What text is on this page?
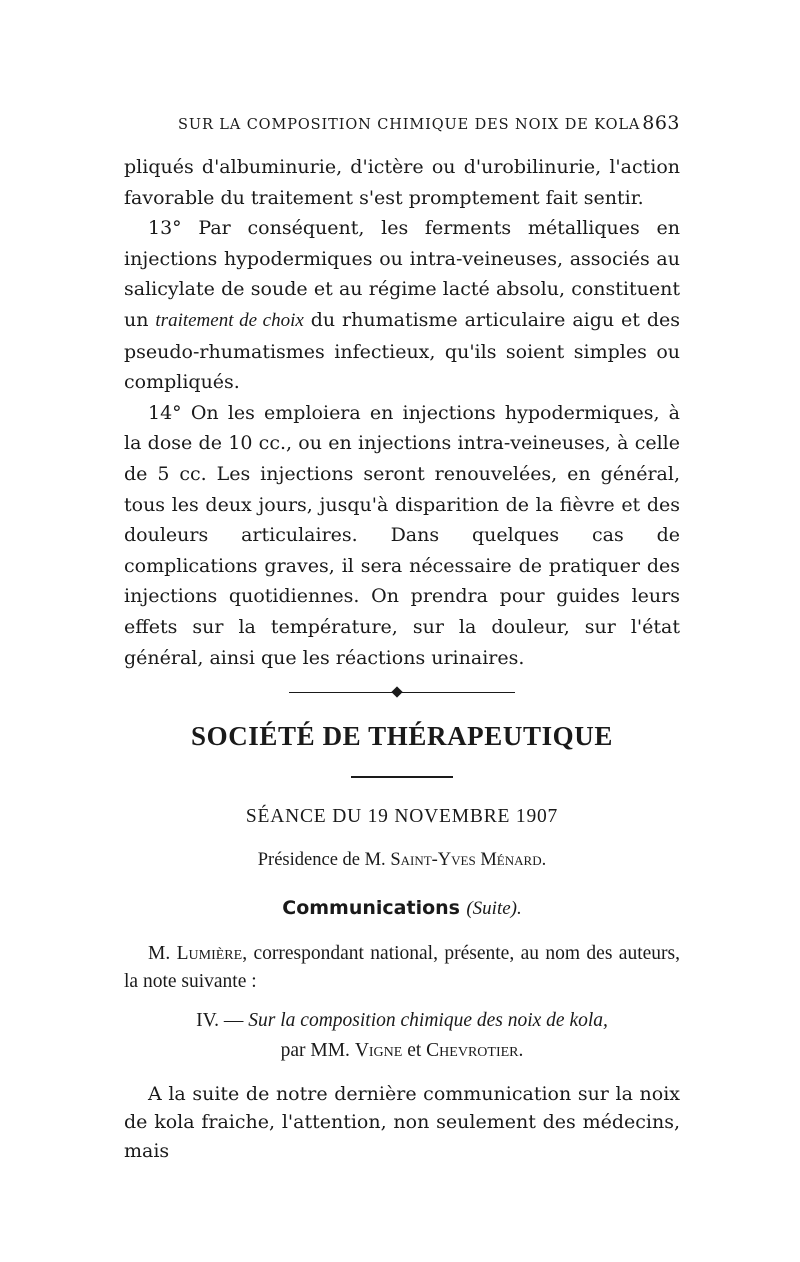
SUR LA COMPOSITION CHIMIQUE DES NOIX DE KOLA 863

pliqués d'albuminurie, d'ictère ou d'urobilinurie, l'action favorable du traitement s'est promptement fait sentir.

13° Par conséquent, les ferments métalliques en injections hypodermiques ou intra-veineuses, associés au salicylate de soude et au régime lacté absolu, constituent un traitement de choix du rhumatisme articulaire aigu et des pseudo-rhumatismes infectieux, qu'ils soient simples ou compliqués.

14° On les emploiera en injections hypodermiques, à la dose de 10 cc., ou en injections intra-veineuses, à celle de 5 cc. Les injections seront renouvelées, en général, tous les deux jours, jusqu'à disparition de la fièvre et des douleurs articulaires. Dans quelques cas de complications graves, il sera nécessaire de pratiquer des injections quotidiennes. On prendra pour guides leurs effets sur la température, sur la douleur, sur l'état général, ainsi que les réactions urinaires.

SOCIÉTÉ DE THÉRAPEUTIQUE

SÉANCE DU 19 NOVEMBRE 1907

Présidence de M. Saint-Yves Ménard.

Communications (Suite).

M. Lumière, correspondant national, présente, au nom des auteurs, la note suivante :

IV. — Sur la composition chimique des noix de kola,

par MM. Vigne et Chevrotier.

A la suite de notre dernière communication sur la noix de kola fraiche, l'attention, non seulement des médecins, mais
